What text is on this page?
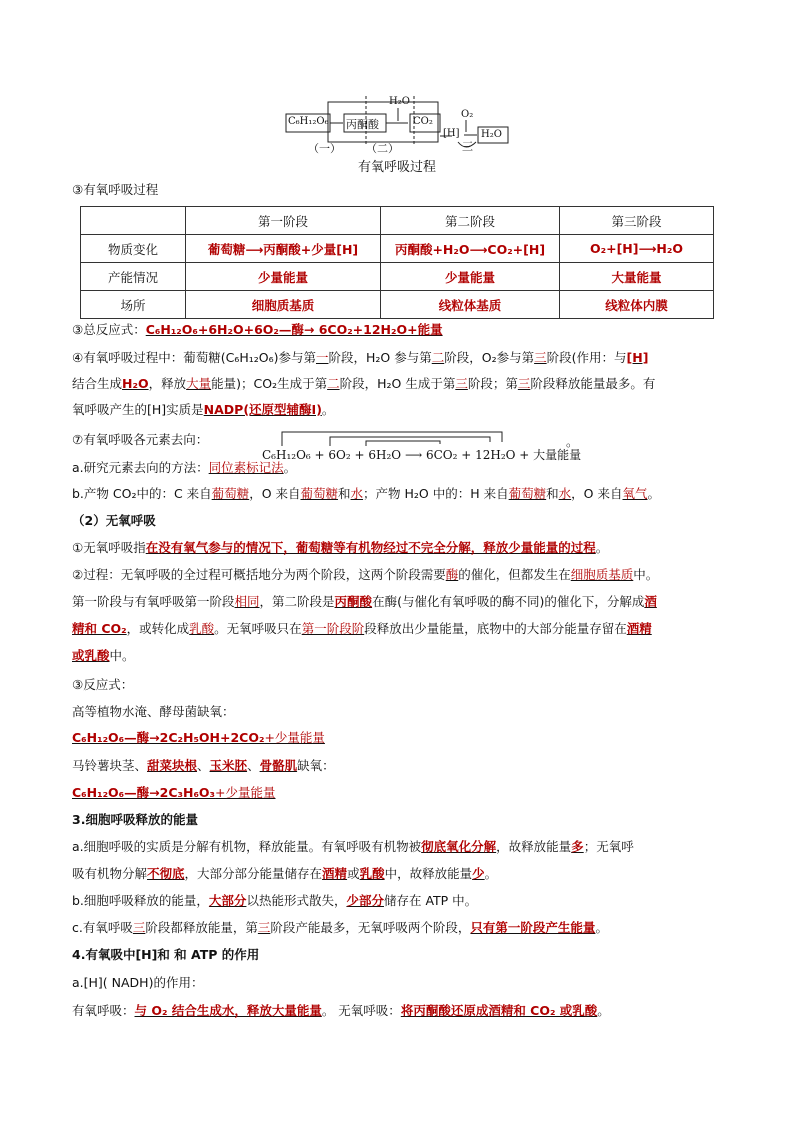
C₆H₁₂O₆ 丙酮酸	CO₂
H₂O
O₂
[H] H₂O
（一） （二）	三
有氧呼吸过程
③有氧呼吸过程
	第一阶段	第二阶段	第三阶段
物质变化	葡萄糖⟶丙酮酸+少量[H]	丙酮酸+H₂O⟶CO₂+[H]	O₂+[H]⟶H₂O
产能情况	少量能量	少量能量	大量能量
场所	细胞质基质	线粒体基质	线粒体内膜
③总反应式：C₆H₁₂O₆+6H₂O+6O₂—酶→ 6CO₂+12H₂O+能量
④有氧呼吸过程中：葡萄糖(C₆H₁₂O₆)参与第一阶段，H₂O 参与第二阶段，O₂参与第三阶段(作用：与[H]
结合生成H₂O，释放大量能量)；CO₂生成于第二阶段，H₂O 生成于第三阶段；第三阶段释放能量最多。有
氧呼吸产生的[H]实质是NADP(还原型辅酶Ⅰ)。
⑦有氧呼吸各元素去向：
C₆H₁₂O₆ + 6O₂ + 6H₂O ⟶ 6CO₂ + 12H₂O + 大量能量
。
a.研究元素去向的方法：同位素标记法。
b.产物 CO₂中的：C 来自葡萄糖，O 来自葡萄糖和水；产物 H₂O 中的：H 来自葡萄糖和水，O 来自氧气。
（2）无氧呼吸
①无氧呼吸指在没有氧气参与的情况下，葡萄糖等有机物经过不完全分解，释放少量能量的过程。
②过程：无氧呼吸的全过程可概括地分为两个阶段，这两个阶段需要酶的催化，但都发生在细胞质基质中。
第一阶段与有氧呼吸第一阶段相同，第二阶段是丙酮酸在酶(与催化有氧呼吸的酶不同)的催化下，分解成酒
精和 CO₂，或转化成乳酸。无氧呼吸只在第一阶段阶段释放出少量能量，底物中的大部分能量存留在酒精
或乳酸中。
③反应式：
高等植物水淹、酵母菌缺氧：
C₆H₁₂O₆—酶→2C₂H₅OH+2CO₂+少量能量
马铃薯块茎、甜菜块根、玉米胚、骨骼肌缺氧：
C₆H₁₂O₆—酶→2C₃H₆O₃+少量能量
3.细胞呼吸释放的能量
a.细胞呼吸的实质是分解有机物，释放能量。有氧呼吸有机物被彻底氧化分解，故释放能量多；无氧呼
吸有机物分解不彻底，大部分部分能量储存在酒精或乳酸中，故释放能量少。
b.细胞呼吸释放的能量，大部分以热能形式散失，少部分储存在 ATP 中。
c.有氧呼吸三阶段都释放能量，第三阶段产能最多，无氧呼吸两个阶段，只有第一阶段产生能量。
4.有氧吸中[H]和 和 ATP 的作用
a.[H]( NADH)的作用：
有氧呼吸：与 O₂ 结合生成水，释放大量能量。 无氧呼吸：将丙酮酸还原成酒精和 CO₂ 或乳酸。
